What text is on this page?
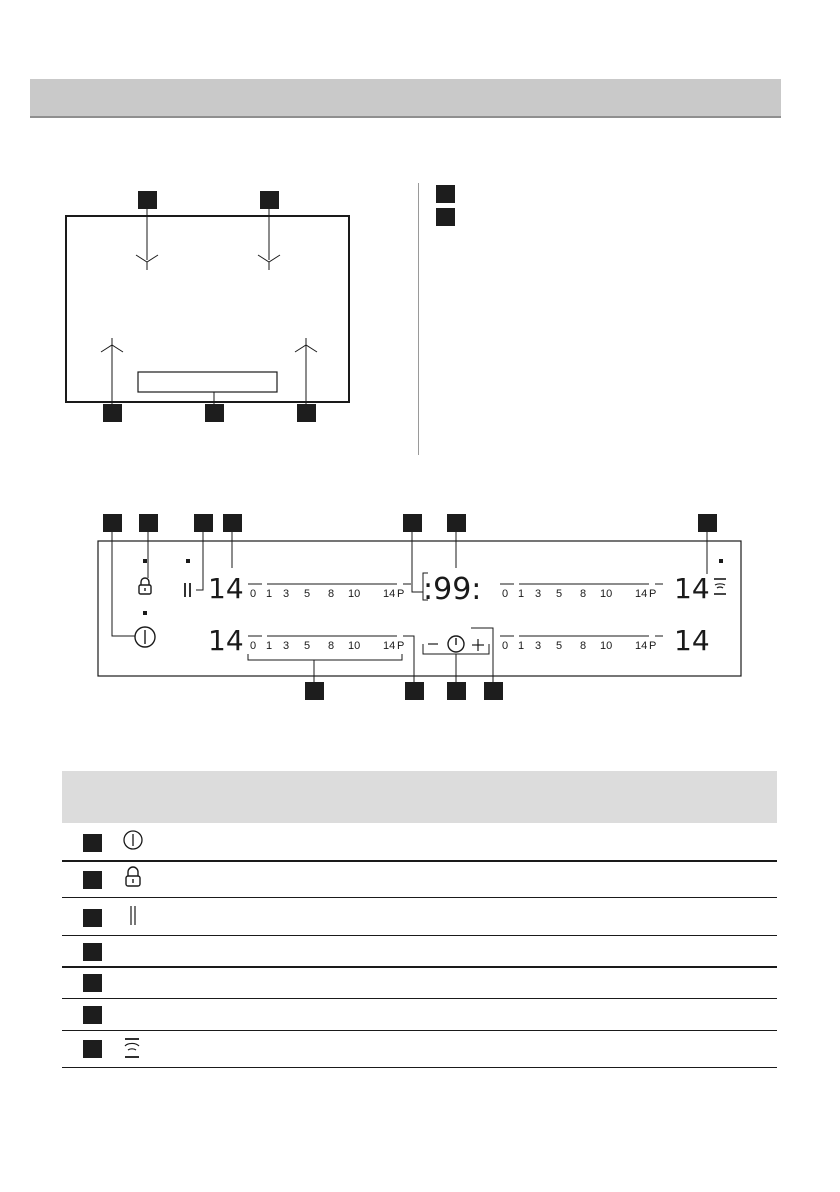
:99:
14	14
14	14
0 1 3 5 8 10 14 P	0 1 3 5 8 10 14 P
0 1 3 5 8 10 14 P	0 1 3 5 8 10 14 P
